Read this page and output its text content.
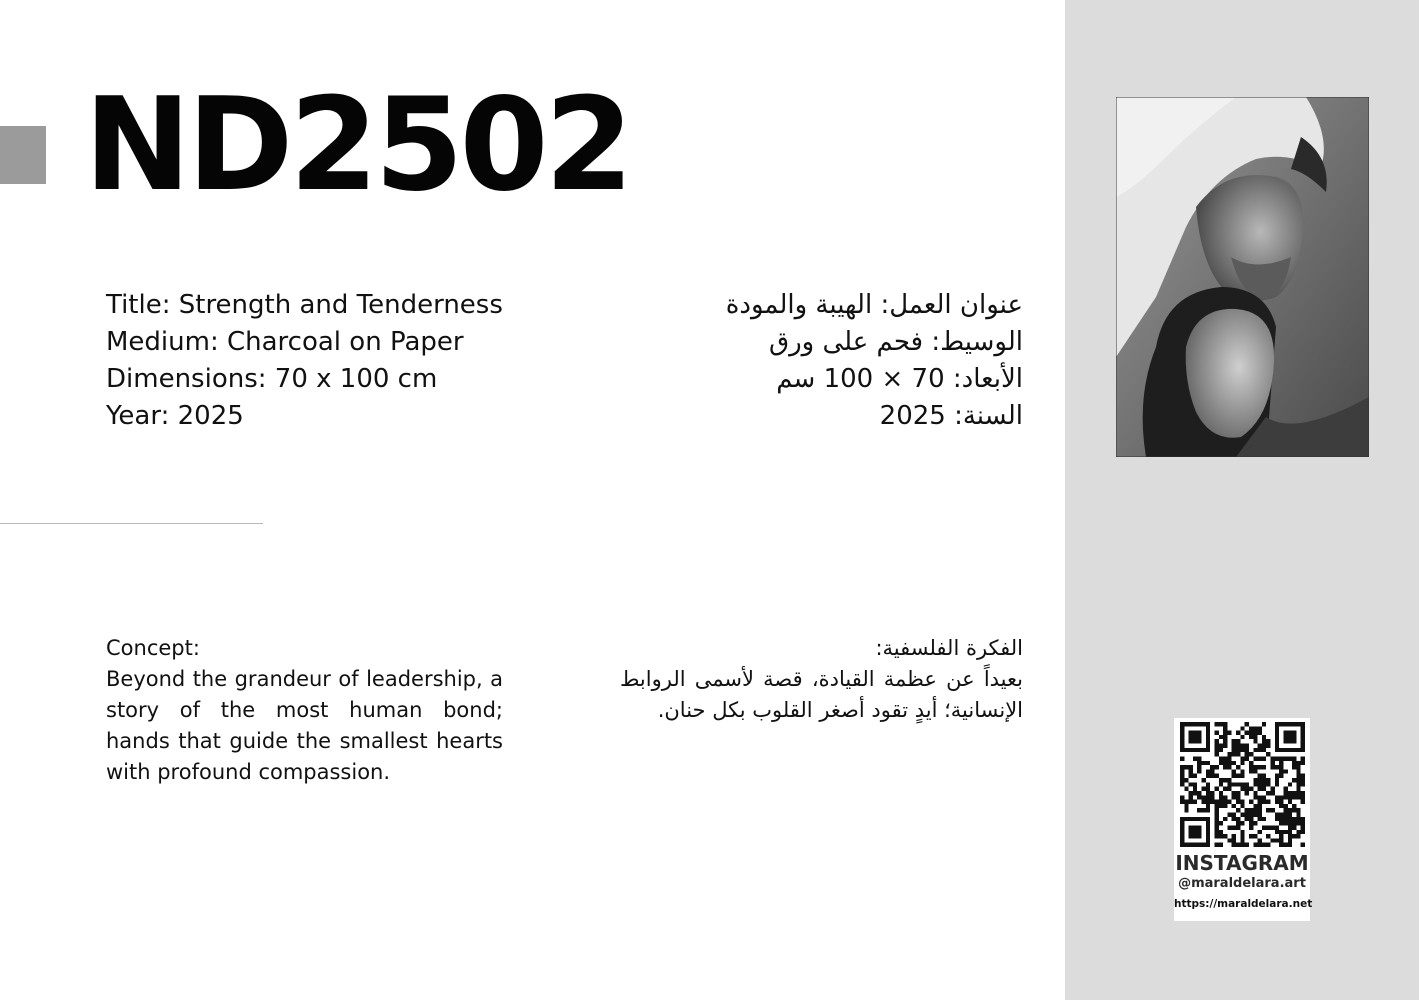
ND2502
Title: Strength and Tenderness
Medium: Charcoal on Paper
Dimensions: 70 x 100 cm
Year: 2025
عنوان العمل: الهيبة والمودة
الوسيط: فحم على ورق
الأبعاد: 70 × 100 سم
السنة: 2025
Concept:
Beyond the grandeur of leadership, a story of the most human bond; hands that guide the smallest hearts with profound compassion.
الفكرة الفلسفية:
بعيداً عن عظمة القيادة، قصة لأسمى الروابط الإنسانية؛ أيدٍ تقود أصغر القلوب بكل حنان.
INSTAGRAM
@maraldelara.art
https://maraldelara.net
